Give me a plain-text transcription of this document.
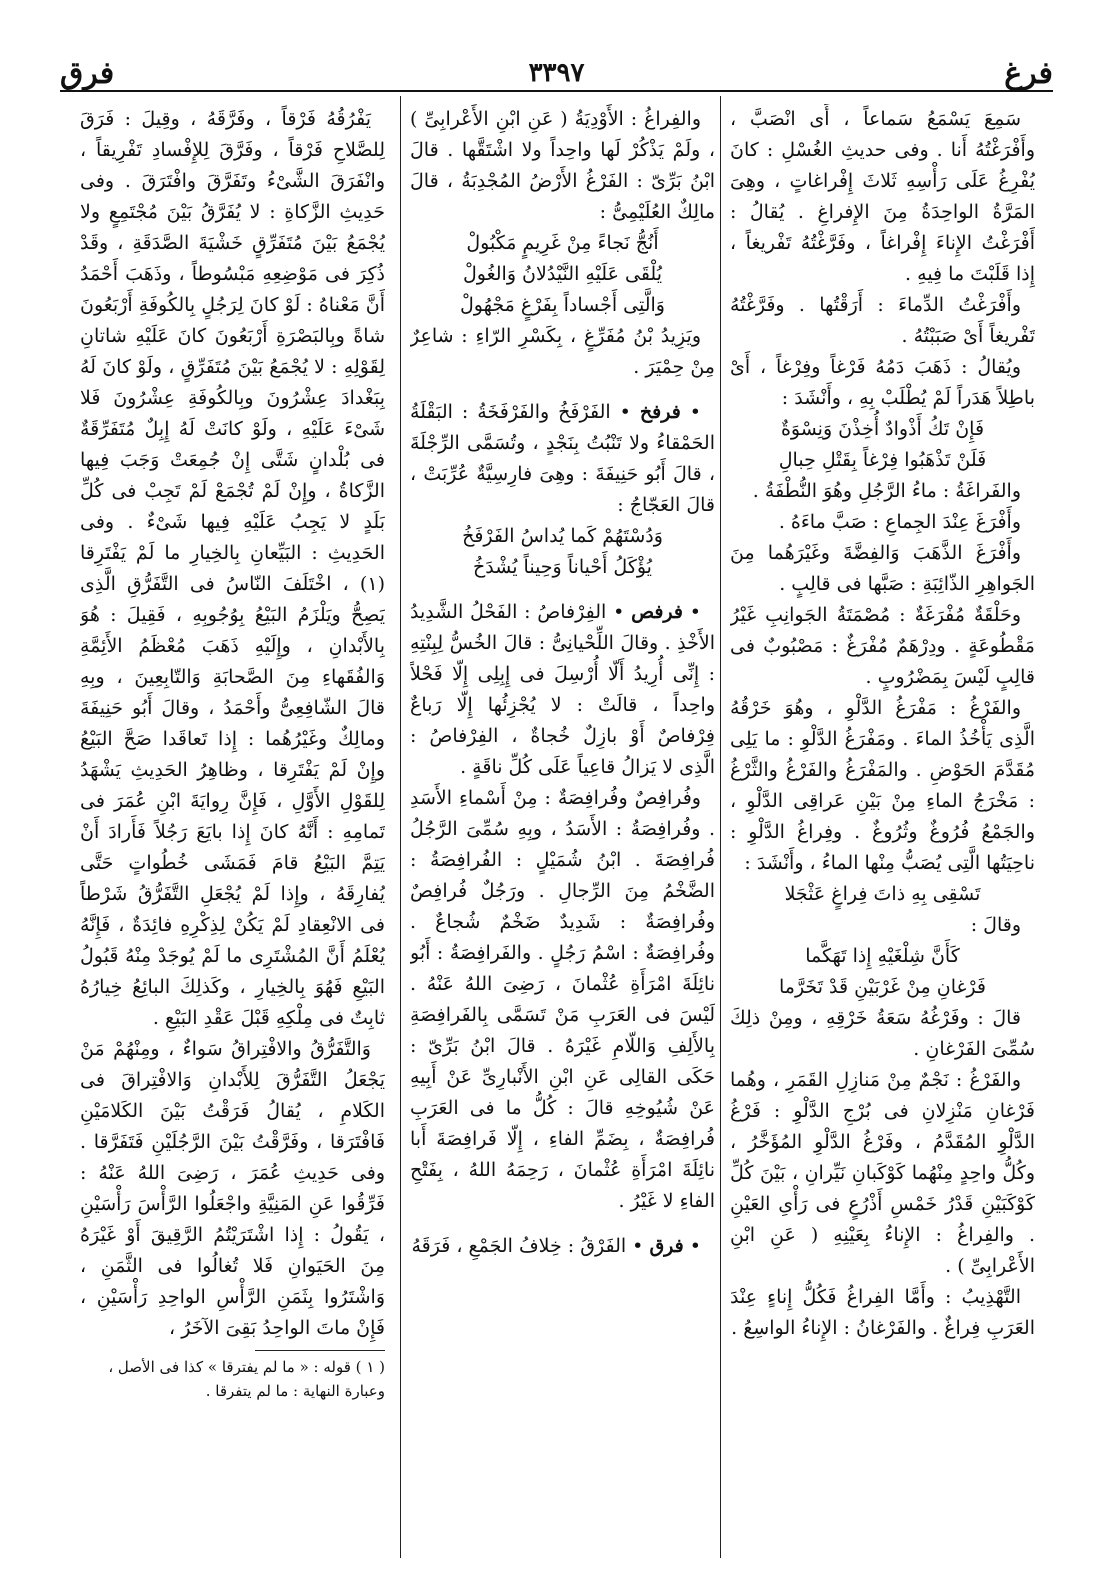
فرغ
٣٣٩٧
فرق

سَمِعَ يَسْمَعُ سَماعاً ، أَى انْصَبَّ ، وأَفْرَغْتُهُ أَنا . وفى حديثِ الغُسْلِ : كانَ يُفْرِغُ عَلَى رَأْسِهِ ثَلاثَ إِفْراغاتٍ ، وهِىَ المَرَّةُ الواحِدَةُ مِنَ الإِفراغِ . يُقالُ : أَفْرَغْتُ الإِناءَ إِفْراغاً ، وفَرَّغْتُهُ تَفْريغاً ، إِذا قَلَبْتَ ما فِيهِ .

وأَفْرَغْتُ الدِّماءَ : أَرَقْتُها . وفَرَّغْتُهُ تَفْريغاً أَىْ صَبَبْتُهُ .

ويُقالُ : ذَهَبَ دَمُهُ فَرْغاً وفِرْغاً ، أَىْ باطِلاً هَدَراً لَمْ يُطْلَبْ بِهِ ، وأَنْشَدَ :

فَإِنْ تَكُ أَذْوادٌ أُخِذْنَ وَنِسْوَةٌ

فَلَنْ تَذْهَبُوا فِرْغاً بِقَتْلِ حِبالِ

والفَراغَةُ : ماءُ الرَّجُلِ وهُوَ النُّطْفَةُ .

وأَفْرَغَ عِنْدَ الجِماعِ : صَبَّ ماءَهُ .

وأَفْرَغَ الذَّهَبَ وَالفِضَّةَ وغَيْرَهُما مِنَ الجَواهِرِ الذّائِبَةِ : صَبَّها فى قالِبٍ .

وحَلْقَةٌ مُفْرَغَةٌ : مُصْمَتَةُ الجَوانِبِ غَيْرُ مَقْطُوعَةٍ . ودِرْهَمٌ مُفْرَغٌ : مَصْبُوبٌ فى قالِبٍ لَيْسَ بِمَضْرُوبٍ .

والفَرْغُ : مَفْرَغُ الدَّلْوِ ، وهُوَ خَرْقُهُ الَّذِى يَأْخُذُ الماءَ . ومَفْرَغُ الدَّلْوِ : ما يَلِى مُقَدَّمَ الحَوْضِ . والمَفْرَغُ والفَرْغُ والثَّرْغُ : مَخْرَجُ الماءِ مِنْ بَيْنِ عَراقِى الدَّلْوِ ، والجَمْعُ فُرُوغٌ وثُرُوغٌ . وفِراغُ الدَّلْوِ : ناحِيَتُها الَّتِى يُصَبُّ مِنْها الماءُ ، وأَنْشَدَ :

تَسْقِى بِهِ ذاتَ فِراغٍ عَثْجَلا

وقالَ :

كَأَنَّ شِلْغَيْهِ إِذا تَهَكَّما

فَرْغانِ مِنْ غَرْبَيْنِ قَدْ تَخَرَّما

قالَ : وفَرْغُهُ سَعَةُ خَرْقِهِ ، ومِنْ ذلِكَ سُمِّىَ الفَرْغانِ .

والفَرْغُ : نَجْمٌ مِنْ مَنازِلِ القَمَرِ ، وهُما فَرْغانِ مَنْزِلانِ فى بُرْجِ الدَّلْوِ : فَرْغُ الدَّلْوِ المُقَدَّمُ ، وفَرْغُ الدَّلْوِ المُؤَخَّرُ ، وكُلُّ واحِدٍ مِنْهُما كَوْكَبانِ نَيِّرانِ ، بَيْنَ كُلِّ كَوْكَبَيْنِ قَدْرُ خَمْسِ أَذْرُعٍ فى رَأْىِ العَيْنِ . والفِراغُ : الإِناءُ بِعَيْنِهِ ( عَنِ ابْنِ الأَعْرابِىِّ ) .

التَّهْذِيبُ : وأَمَّا الفِراغُ فَكُلُّ إِناءٍ عِنْدَ العَرَبِ فِراغٌ . والفَرْغانُ : الإِناءُ الواسِعُ .

والفِراغُ : الأَوْدِيَةُ ( عَنِ ابْنِ الأَعْرابِىِّ ) ، ولَمْ يَذْكُرْ لَها واحِداً ولا اشْتَقَّها . قالَ ابْنُ بَرِّىّ : الفَرْغُ الأَرْضُ المُجْدِبَةُ ، قالَ مالِكٌ العُلَيْمِىُّ :

أَنُجُّ نَجاءً مِنْ غَرِيمٍ مَكْبُولْ

يُلْقَى عَلَيْهِ النَّيْدُلانُ وَالغُولْ

وَالَّتِى أَجْساداً بِفَرْغٍ مَجْهُولْ

ويَزِيدُ بْنُ مُفَرِّغٍ ، بِكَسْرِ الرّاءِ : شاعِرٌ مِنْ حِمْيَرَ .

• فرفخ • الفَرْفَخُ والفَرْفَخَةُ : البَقْلَةُ الحَمْقاءُ ولا تَنْبُتُ بِنَجْدٍ ، وتُسَمَّى الرِّجْلَةَ ، قالَ أَبُو حَنِيفَةَ : وهِىَ فارِسِيَّةٌ عُرِّبَتْ ، قالَ العَجّاجُ :

وَدُسْتَهُمْ كَما يُداسُ الفَرْفَخُ

يُؤْكَلُ أَحْياناً وَحِيناً يُشْدَخُ

• فرفص • الفِرْفاصُ : الفَحْلُ الشَّدِيدُ الأَخْذِ . وقالَ اللِّحْيانِىُّ : قالَ الخُسُّ لِبِنْتِهِ : إِنِّى أُرِيدُ أَلّا أُرْسِلَ فى إِبِلِى إِلّا فَحْلاً واحِداً ، قالَتْ : لا يُجْزِئُها إِلّا رَباعٌ فِرْفاصٌ أَوْ بازِلٌ خُجاةٌ ، الفِرْفاصُ : الَّذِى لا يَزالُ قاعِياً عَلَى كُلِّ ناقَةٍ .

وفُرافِصٌ وفُرافِصَةٌ : مِنْ أَسْماءِ الأَسَدِ . وفُرافِصَةُ : الأَسَدُ ، وبِهِ سُمِّىَ الرَّجُلُ فُرافِصَةَ . ابْنُ شُمَيْلٍ : الفُرافِصَةُ : الضَّخْمُ مِنَ الرِّجالِ . ورَجُلٌ فُرافِصٌ وفُرافِصَةٌ : شَدِيدٌ ضَخْمٌ شُجاعٌ . وفُرافِصَةٌ : اسْمُ رَجُلٍ . والفَرافِصَةُ : أَبُو نائِلَةَ امْرَأَةِ عُثْمانَ ، رَضِىَ اللهُ عَنْهُ . لَيْسَ فى العَرَبِ مَنْ تَسَمَّى بِالفَرافِصَةِ بِالأَلِفِ وَاللّامِ غَيْرَهُ . قالَ ابْنُ بَرِّىّ : حَكَى القالِى عَنِ ابْنِ الأَنْبارِىِّ عَنْ أَبِيهِ عَنْ شُيُوخِهِ قالَ : كُلُّ ما فى العَرَبِ فُرافِصَةٌ ، بِضَمِّ الفاءِ ، إِلّا فَرافِصَةَ أَبا نائِلَةَ امْرَأَةِ عُثْمانَ ، رَحِمَهُ اللهُ ، بِفَتْحِ الفاءِ لا غَيْرُ .

• فرق • الفَرْقُ : خِلافُ الجَمْعِ ، فَرَقَهُ

يَفْرُقُهُ فَرْقاً ، وفَرَّقَهُ ، وقِيلَ : فَرَقَ لِلصَّلاحِ فَرْقاً ، وفَرَّقَ لِلإِفْسادِ تَفْرِيقاً ، وانْفَرَقَ الشَّىْءُ وتَفَرَّقَ وافْتَرَقَ . وفى حَدِيثِ الزَّكاةِ : لا يُفَرَّقُ بَيْنَ مُجْتَمِعٍ ولا يُجْمَعُ بَيْنَ مُتَفَرِّقٍ خَشْيَةَ الصَّدَقَةِ ، وقَدْ ذُكِرَ فى مَوْضِعِهِ مَبْسُوطاً ، وذَهَبَ أَحْمَدُ أَنَّ مَعْناهُ : لَوْ كانَ لِرَجُلٍ بِالكُوفَةِ أَرْبَعُونَ شاةً وبِالبَصْرَةِ أَرْبَعُونَ كانَ عَلَيْهِ شاتانِ لِقَوْلِهِ : لا يُجْمَعُ بَيْنَ مُتَفَرِّقٍ ، ولَوْ كانَ لَهُ بِبَغْدادَ عِشْرُونَ وبِالكُوفَةِ عِشْرُونَ فَلا شَىْءَ عَلَيْهِ ، ولَوْ كانَتْ لَهُ إِبِلٌ مُتَفَرِّقَةٌ فى بُلْدانٍ شَتَّى إِنْ جُمِعَتْ وَجَبَ فِيها الزَّكاةُ ، وإِنْ لَمْ تُجْمَعْ لَمْ تَجِبْ فى كُلِّ بَلَدٍ لا يَجِبُ عَلَيْهِ فِيها شَىْءٌ . وفى الحَدِيثِ : البَيِّعانِ بِالخِيارِ ما لَمْ يَفْتَرِقا (١) ، اخْتَلَفَ النّاسُ فى التَّفَرُّقِ الَّذِى يَصِحُّ ويَلْزَمُ البَيْعُ بِوُجُوبِهِ ، فَقِيلَ : هُوَ بِالأَبْدانِ ، وإِلَيْهِ ذَهَبَ مُعْظَمُ الأَئِمَّةِ وَالفُقَهاءِ مِنَ الصَّحابَةِ وَالتّابِعِينَ ، وبِهِ قالَ الشّافِعِىُّ وأَحْمَدُ ، وقالَ أَبُو حَنِيفَةَ ومالِكٌ وغَيْرُهُما : إِذا تَعاقَدا صَحَّ البَيْعُ وإِنْ لَمْ يَفْتَرِقا ، وظاهِرُ الحَدِيثِ يَشْهَدُ لِلقَوْلِ الأَوَّلِ ، فَإِنَّ رِوايَةَ ابْنِ عُمَرَ فى تَمامِهِ : أَنَّهُ كانَ إِذا بايَعَ رَجُلاً فَأَرادَ أَنْ يَتِمَّ البَيْعُ قامَ فَمَشَى خُطُواتٍ حَتَّى يُفارِقَهُ ، وإِذا لَمْ يُجْعَلِ التَّفَرُّقُ شَرْطاً فى الانْعِقادِ لَمْ يَكُنْ لِذِكْرِهِ فائِدَةٌ ، فَإِنَّهُ يُعْلَمُ أَنَّ المُشْتَرِى ما لَمْ يُوجَدْ مِنْهُ قَبُولُ البَيْعِ فَهُوَ بِالخِيارِ ، وكَذلِكَ البائِعُ خِيارُهُ ثابِتٌ فى مِلْكِهِ قَبْلَ عَقْدِ البَيْعِ .

وَالتَّفَرُّقُ والافْتِراقُ سَواءٌ ، ومِنْهُمْ مَنْ يَجْعَلُ التَّفَرُّقَ لِلأَبْدانِ وَالافْتِراقَ فى الكَلامِ ، يُقالُ فَرَقْتُ بَيْنَ الكَلامَيْنِ فَافْتَرَقا ، وفَرَّقْتُ بَيْنَ الرَّجُلَيْنِ فَتَفَرَّقا . وفى حَدِيثِ عُمَرَ ، رَضِىَ اللهُ عَنْهُ : فَرِّقُوا عَنِ المَنِيَّةِ واجْعَلُوا الرَّأْسَ رَأْسَيْنِ ، يَقُولُ : إِذا اشْتَرَيْتُمُ الرَّقِيقَ أَوْ غَيْرَهُ مِنَ الحَيَوانِ فَلا تُغالُوا فى الثَّمَنِ ، وَاشْتَرُوا بِثَمَنِ الرَّأْسِ الواحِدِ رَأْسَيْنِ ، فَإِنْ ماتَ الواحِدُ بَقِىَ الآخَرُ ،

( ١ ) قوله : « ما لم يفترقا » كذا فى الأصل ،

وعبارة النهاية : ما لم يتفرقا .
